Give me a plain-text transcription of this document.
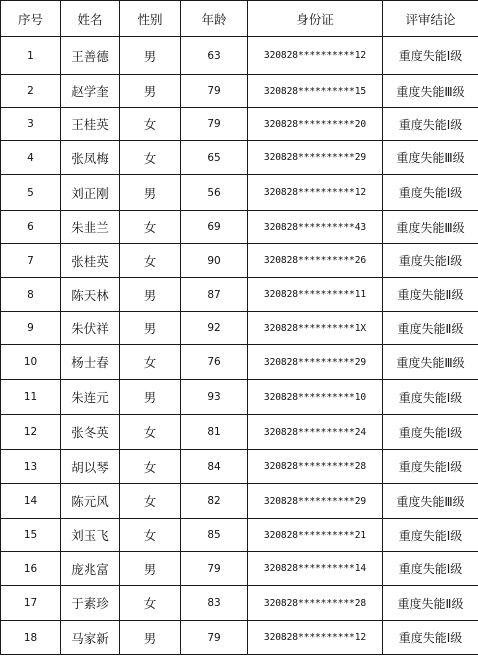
序号	姓名	性别	年龄	身份证	评审结论
1	王善德	男	63	320828**********12	重度失能Ⅰ级
2	赵学奎	男	79	320828**********15	重度失能Ⅲ级
3	王桂英	女	79	320828**********20	重度失能Ⅰ级
4	张凤梅	女	65	320828**********29	重度失能Ⅲ级
5	刘正刚	男	56	320828**********12	重度失能Ⅰ级
6	朱韭兰	女	69	320828**********43	重度失能Ⅲ级
7	张桂英	女	90	320828**********26	重度失能Ⅰ级
8	陈天林	男	87	320828**********11	重度失能Ⅱ级
9	朱伏祥	男	92	320828**********1X	重度失能Ⅱ级
10	杨士春	女	76	320828**********29	重度失能Ⅲ级
11	朱连元	男	93	320828**********10	重度失能Ⅰ级
12	张冬英	女	81	320828**********24	重度失能Ⅰ级
13	胡以琴	女	84	320828**********28	重度失能Ⅰ级
14	陈元风	女	82	320828**********29	重度失能Ⅲ级
15	刘玉飞	女	85	320828**********21	重度失能Ⅰ级
16	庞兆富	男	79	320828**********14	重度失能Ⅰ级
17	于素珍	女	83	320828**********28	重度失能Ⅱ级
18	马家新	男	79	320828**********12	重度失能Ⅰ级
